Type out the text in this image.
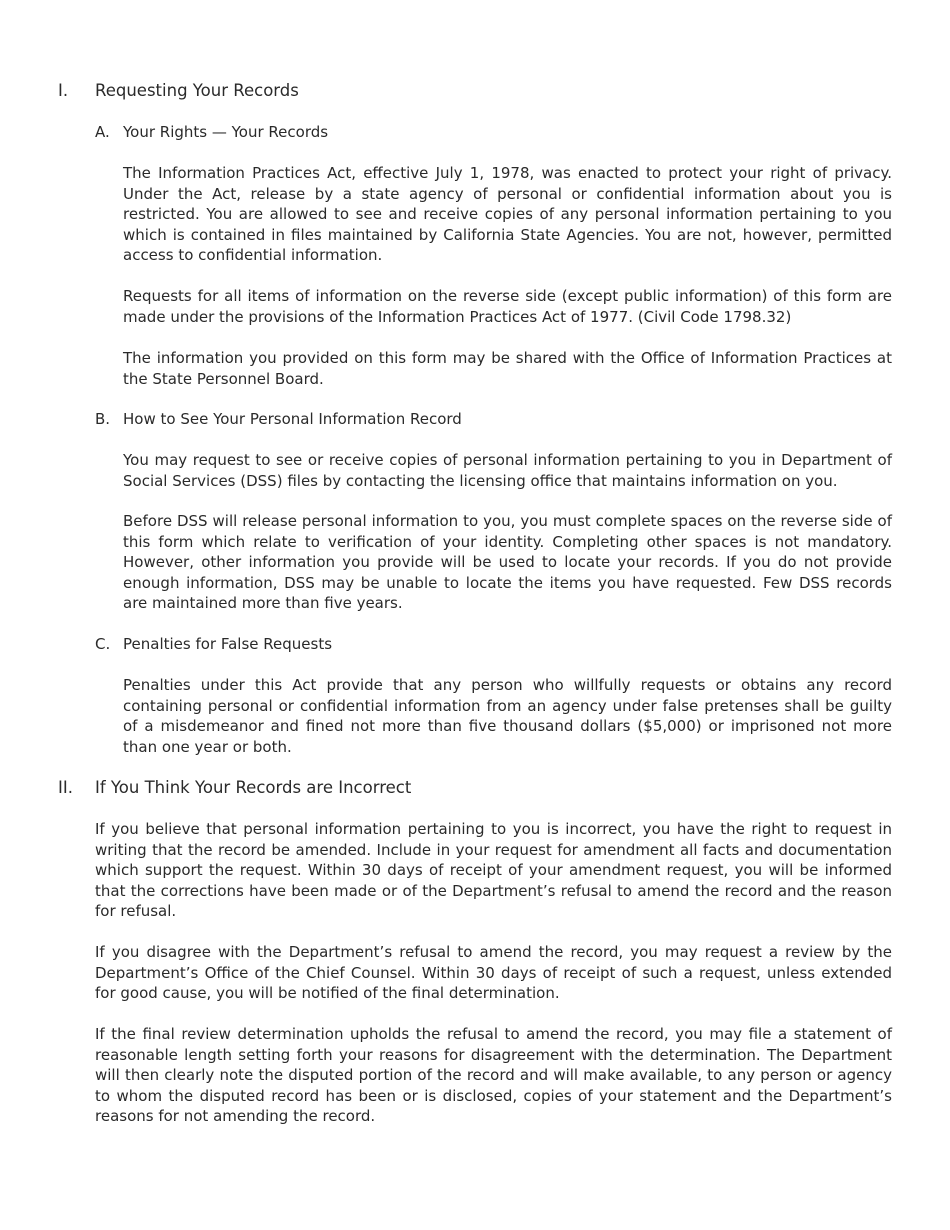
I. Requesting Your Records
A. Your Rights — Your Records

The Information Practices Act, effective July 1, 1978, was enacted to protect your right of privacy. Under the Act, release by a state agency of personal or confidential information about you is restricted. You are allowed to see and receive copies of any personal information pertaining to you which is contained in files maintained by California State Agencies. You are not, however, permitted access to confidential information.

Requests for all items of information on the reverse side (except public information) of this form are made under the provisions of the Information Practices Act of 1977. (Civil Code 1798.32)

The information you provided on this form may be shared with the Office of Information Practices at the State Personnel Board.

B. How to See Your Personal Information Record

You may request to see or receive copies of personal information pertaining to you in Department of Social Services (DSS) files by contacting the licensing office that maintains information on you.

Before DSS will release personal information to you, you must complete spaces on the reverse side of this form which relate to verification of your identity. Completing other spaces is not mandatory. However, other information you provide will be used to locate your records. If you do not provide enough information, DSS may be unable to locate the items you have requested. Few DSS records are maintained more than five years.

C. Penalties for False Requests

Penalties under this Act provide that any person who willfully requests or obtains any record containing personal or confidential information from an agency under false pretenses shall be guilty of a misdemeanor and fined not more than five thousand dollars ($5,000) or imprisoned not more than one year or both.

II. If You Think Your Records are Incorrect

If you believe that personal information pertaining to you is incorrect, you have the right to request in writing that the record be amended. Include in your request for amendment all facts and documentation which support the request. Within 30 days of receipt of your amendment request, you will be informed that the corrections have been made or of the Department’s refusal to amend the record and the reason for refusal.

If you disagree with the Department’s refusal to amend the record, you may request a review by the Department’s Office of the Chief Counsel. Within 30 days of receipt of such a request, unless extended for good cause, you will be notified of the final determination.

If the final review determination upholds the refusal to amend the record, you may file a statement of reasonable length setting forth your reasons for disagreement with the determination. The Department will then clearly note the disputed portion of the record and will make available, to any person or agency to whom the disputed record has been or is disclosed, copies of your statement and the Department’s reasons for not amending the record.
